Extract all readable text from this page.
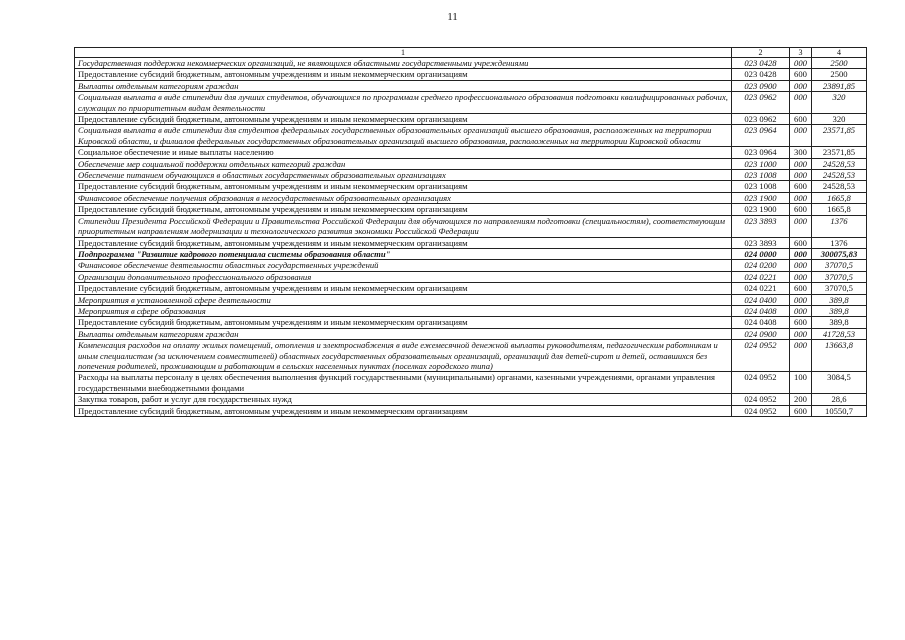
11
1	2	3	4
Государственная поддержка некоммерческих организаций, не являющихся областными государственными учреждениями	023 0428	000	2500
Предоставление субсидий бюджетным, автономным учреждениям и иным некоммерческим организациям	023 0428	600	2500
Выплаты отдельным категориям граждан	023 0900	000	23891,85
Социальная выплата в виде стипендии для лучших студентов, обучающихся по программам среднего профессионального образования подготовки квалифицированных рабочих, служащих по приоритетным видам деятельности	023 0962	000	320
Предоставление субсидий бюджетным, автономным учреждениям и иным некоммерческим организациям	023 0962	600	320
Социальная выплата в виде стипендии для студентов федеральных государственных образовательных организаций высшего образования, расположенных на территории Кировской области, и филиалов федеральных государственных образовательных организаций высшего образования, расположенных на территории Кировской области	023 0964	000	23571,85
Социальное обеспечение и иные выплаты населению	023 0964	300	23571,85
Обеспечение мер социальной поддержки отдельных категорий граждан	023 1000	000	24528,53
Обеспечение питанием обучающихся в областных государственных образовательных организациях	023 1008	000	24528,53
Предоставление субсидий бюджетным, автономным учреждениям и иным некоммерческим организациям	023 1008	600	24528,53
Финансовое обеспечение получения образования в негосударственных образовательных организациях	023 1900	000	1665,8
Предоставление субсидий бюджетным, автономным учреждениям и иным некоммерческим организациям	023 1900	600	1665,8
Стипендии Президента Российской Федерации и Правительства Российской Федерации для обучающихся по направлениям подготовки (специальностям), соответствующим приоритетным направлениям модернизации и технологического развития экономики Российской Федерации	023 3893	000	1376
Предоставление субсидий бюджетным, автономным учреждениям и иным некоммерческим организациям	023 3893	600	1376
Подпрограмма "Развитие кадрового потенциала системы образования области"	024 0000	000	300075,83
Финансовое обеспечение деятельности областных государственных учреждений	024 0200	000	37070,5
Организации дополнительного профессионального образования	024 0221	000	37070,5
Предоставление субсидий бюджетным, автономным учреждениям и иным некоммерческим организациям	024 0221	600	37070,5
Мероприятия в установленной сфере деятельности	024 0400	000	389,8
Мероприятия в сфере образования	024 0408	000	389,8
Предоставление субсидий бюджетным, автономным учреждениям и иным некоммерческим организациям	024 0408	600	389,8
Выплаты отдельным категориям граждан	024 0900	000	41728,53
Компенсация расходов на оплату жилых помещений, отопления и электроснабжения в виде ежемесячной денежной выплаты руководителям, педагогическим работникам и иным специалистам (за исключением совместителей) областных государственных образовательных организаций, организаций для детей-сирот и детей, оставшихся без попечения родителей, проживающим и работающим в сельских населенных пунктах (поселках городского типа)	024 0952	000	13663,8
Расходы на выплаты персоналу в целях обеспечения выполнения функций государственными (муниципальными) органами, казенными учреждениями, органами управления государственными внебюджетными фондами	024 0952	100	3084,5
Закупка товаров, работ и услуг для государственных нужд	024 0952	200	28,6
Предоставление субсидий бюджетным, автономным учреждениям и иным некоммерческим организациям	024 0952	600	10550,7
